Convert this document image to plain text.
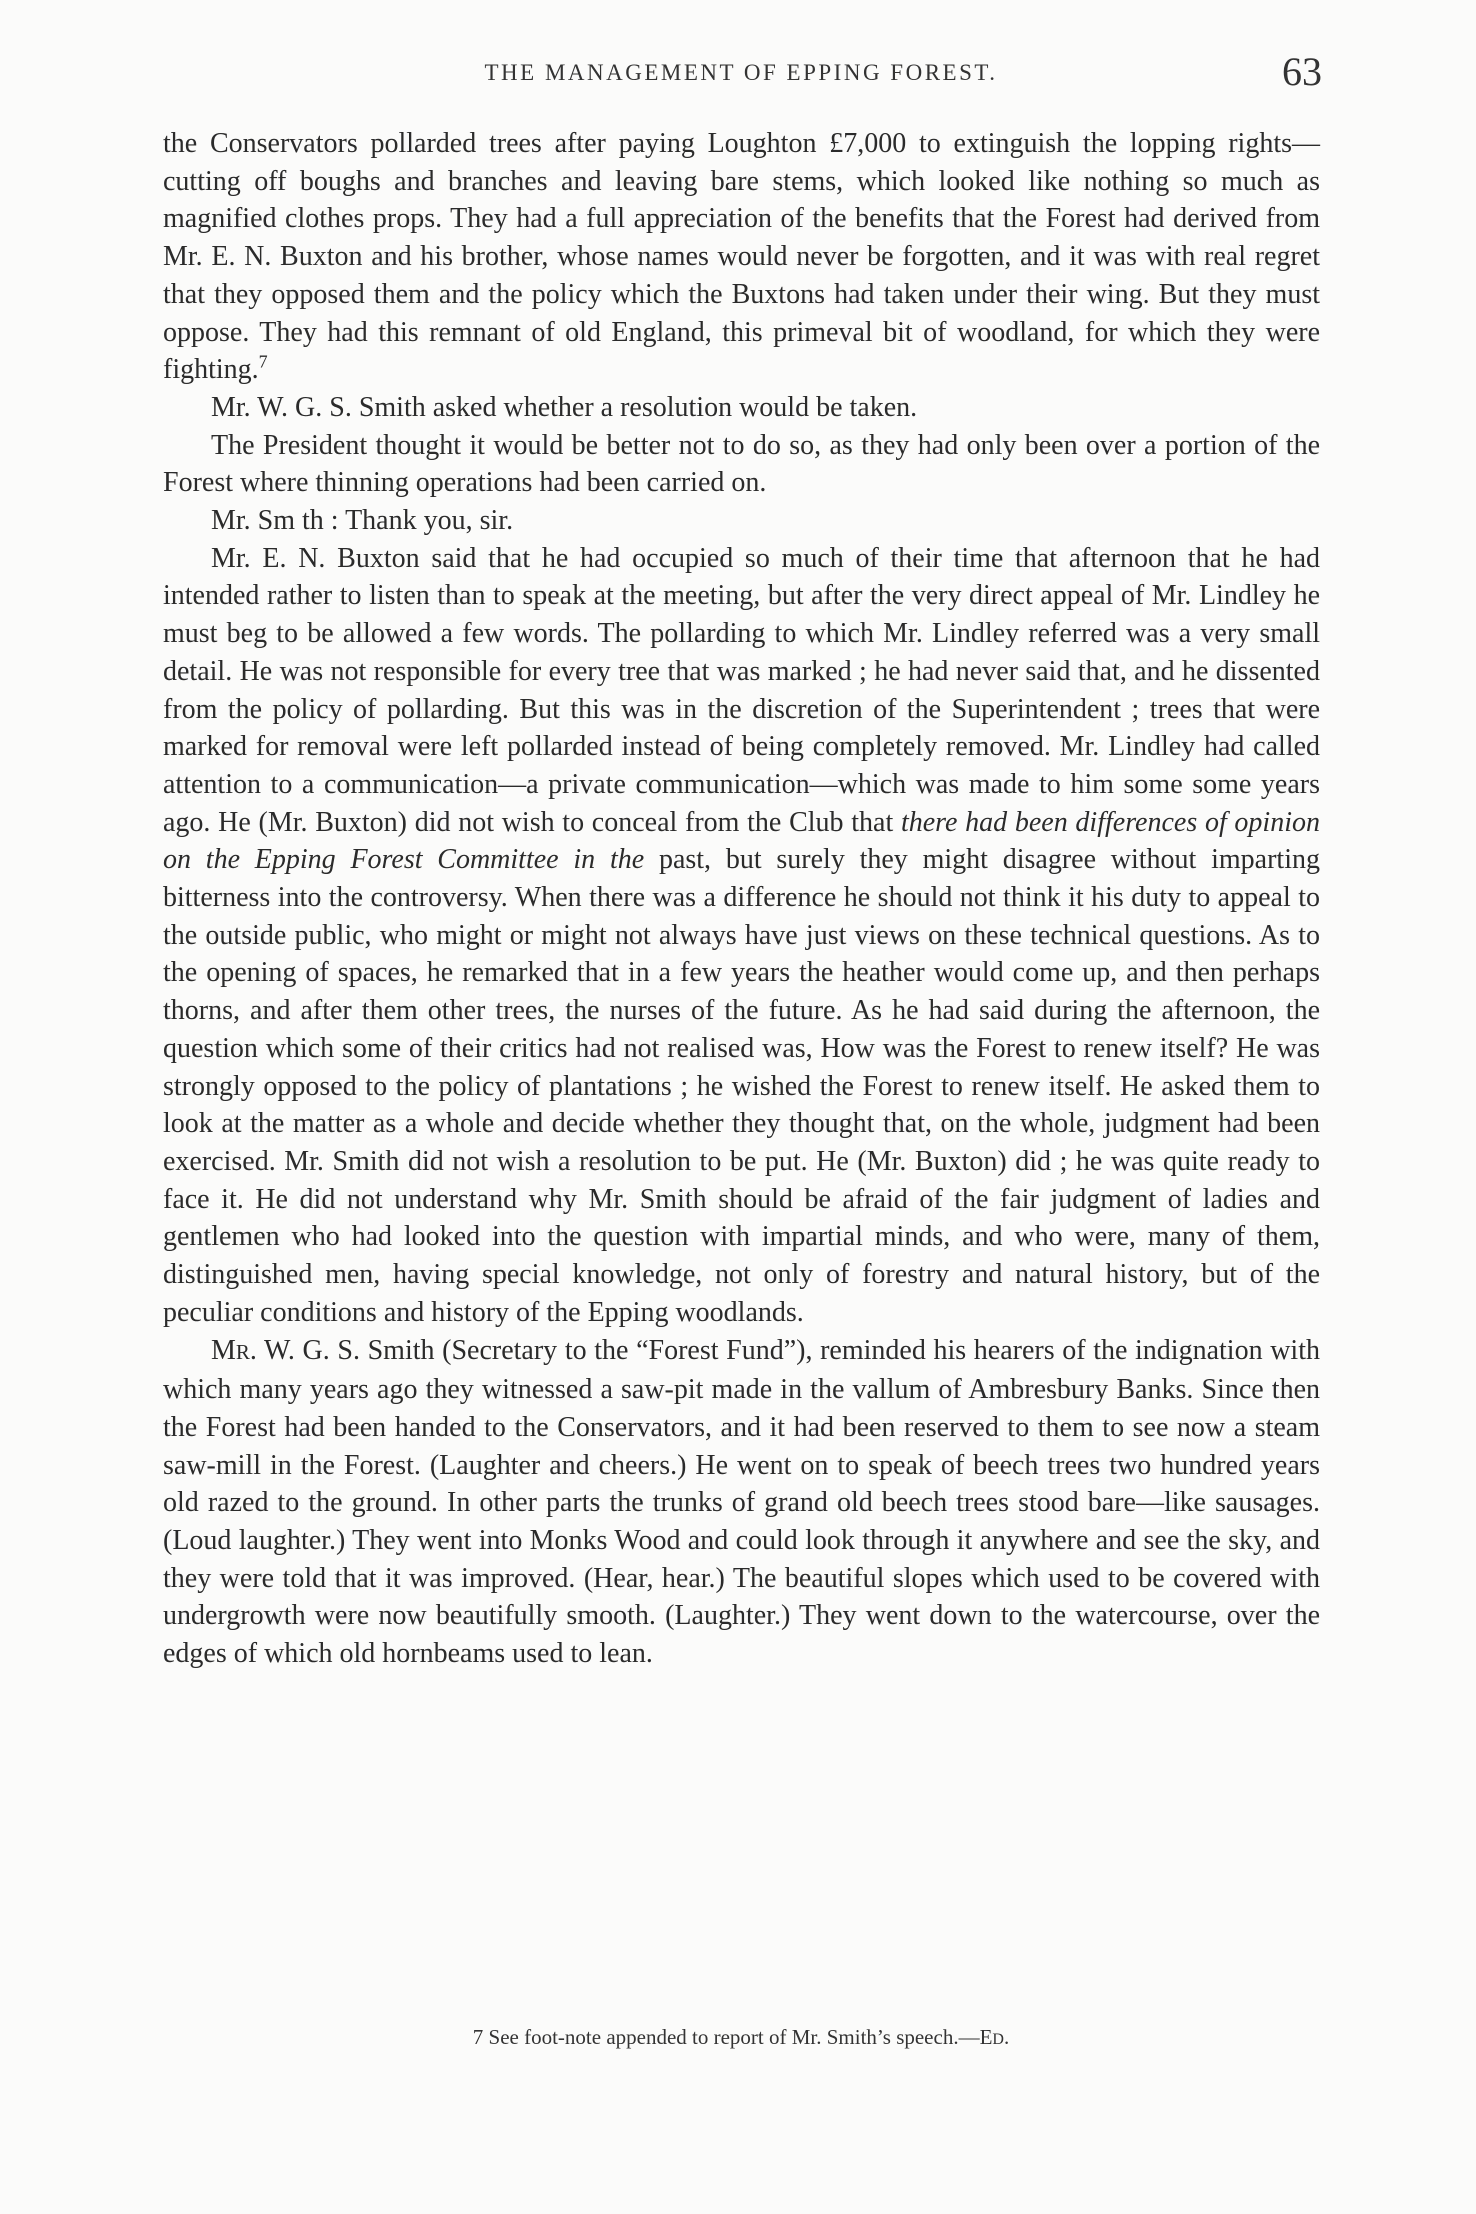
THE MANAGEMENT OF EPPING FOREST.	63

the Conservators pollarded trees after paying Loughton £7,000 to extinguish the lopping rights—cutting off boughs and branches and leaving bare stems, which looked like nothing so much as magnified clothes props. They had a full appreciation of the benefits that the Forest had derived from Mr. E. N. Buxton and his brother, whose names would never be forgotten, and it was with real regret that they opposed them and the policy which the Buxtons had taken under their wing. But they must oppose. They had this remnant of old England, this primeval bit of woodland, for which they were fighting.$^7$

Mr. W. G. S. Smith asked whether a resolution would be taken.

The President thought it would be better not to do so, as they had only been over a portion of the Forest where thinning operations had been carried on.

Mr. Sm th : Thank you, sir.

Mr. E. N. Buxton said that he had occupied so much of their time that afternoon that he had intended rather to listen than to speak at the meeting, but after the very direct appeal of Mr. Lindley he must beg to be allowed a few words. The pollarding to which Mr. Lindley referred was a very small detail. He was not responsible for every tree that was marked ; he had never said that, and he dissented from the policy of pollarding. But this was in the discretion of the Superintendent ; trees that were marked for removal were left pollarded instead of being completely removed. Mr. Lindley had called attention to a communication—a private communication—which was made to him some some years ago. He (Mr. Buxton) did not wish to conceal from the Club that there had been differences of opinion on the Epping Forest Committee in the past, but surely they might disagree without imparting bitterness into the controversy. When there was a difference he should not think it his duty to appeal to the outside public, who might or might not always have just views on these technical questions. As to the opening of spaces, he remarked that in a few years the heather would come up, and then perhaps thorns, and after them other trees, the nurses of the future. As he had said during the afternoon, the question which some of their critics had not realised was, How was the Forest to renew itself? He was strongly opposed to the policy of plantations ; he wished the Forest to renew itself. He asked them to look at the matter as a whole and decide whether they thought that, on the whole, judgment had been exercised. Mr. Smith did not wish a resolution to be put. He (Mr. Buxton) did ; he was quite ready to face it. He did not understand why Mr. Smith should be afraid of the fair judgment of ladies and gentlemen who had looked into the question with impartial minds, and who were, many of them, distinguished men, having special knowledge, not only of forestry and natural history, but of the peculiar conditions and history of the Epping woodlands.

MR. W. G. S. Smith (Secretary to the “Forest Fund”), reminded his hearers of the indignation with which many years ago they witnessed a saw-pit made in the vallum of Ambresbury Banks. Since then the Forest had been handed to the Conservators, and it had been reserved to them to see now a steam saw-mill in the Forest. (Laughter and cheers.) He went on to speak of beech trees two hundred years old razed to the ground. In other parts the trunks of grand old beech trees stood bare—like sausages. (Loud laughter.) They went into Monks Wood and could look through it anywhere and see the sky, and they were told that it was improved. (Hear, hear.) The beautiful slopes which used to be covered with undergrowth were now beautifully smooth. (Laughter.) They went down to the watercourse, over the edges of which old hornbeams used to lean.

7 See foot-note appended to report of Mr. Smith’s speech.—ED.
